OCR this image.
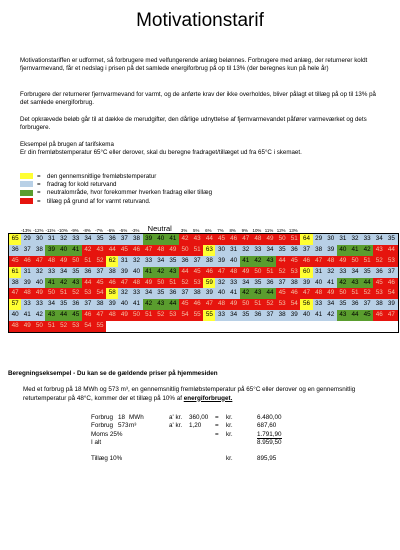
Motivationstarif
Motivationstariffen er udformet, så forbrugere med velfungerende anlæg belønnes. Forbrugere med anlæg, der returnerer koldt fjernvarmevand, får et nedslag i prisen på det samlede energiforbrug på op til 13% (der beregnes kun på hele år)
Forbrugere der returnerer fjernvarmevand for varmt, og de anførte krav der ikke overholdes, bliver pålagt et tillæg på op til 13% på det samlede energiforbrug.
Det opkrævede beløb går til at dække de merudgifter, den dårlige udnyttelse af fjernvarmevandet påfører varmeværket og dets forbrugere.
Eksempel på brugen af tarifskema
Er din fremløbstemperatur 65°C eller derover, skal du beregne fradraget/tillæget ud fra 65°C i skemaet.
=	den gennemsnitlige fremløbstemperatur
=	fradrag for kold returvand
=	neutralområde, hvor forekommer hverken fradrag eller tillæg
=	tillæg på grund af for varmt returvand.
-13% -12% -11% -10% -9% -8% -7% -6% -5% -3%	Neutral	3%	5%	6%	7%	8%	9%	10% 11% 12% 13%
65 29 30 31 32 33 34 35 36 37 38 39 40 41 42 43 44 45 46 47 48 49 50 51 64 29 30 31 32 33 34 35
36 37 38 39 40 41 42 43 44 45 46 47 48 49 50 51 63 30 31 32 33 34 35 36 37 38 39 40 41 42 43 44
45 46 47 48 49 50 51 52 62 31 32 33 34 35 36 37 38 39 40 41 42 43 44 45 46 47 48 49 50 51 52 53
61 31 32 33 34 35 36 37 38 39 40 41 42 43 44 45 46 47 48 49 50 51 52 53 60 31 32 33 34 35 36 37
38 39 40 41 42 43 44 45 46 47 48 49 50 51 52 53 59 32 33 34 35 36 37 38 39 40 41 42 43 44 45 46
47 48 49 50 51 52 53 54 58 32 33 34 35 36 37 38 39 40 41 42 43 44 45 46 47 48 49 50 51 52 53 54
57 33 33 34 35 36 37 38 39 40 41 42 43 44 45 46 47 48 49 50 51 52 53 54 56 33 34 35 36 37 38 39
40 41 42 43 44 45 46 47 48 49 50 51 52 53 54 55 55 33 34 35 36 37 38 39 40 41 42 43 44 45 46 47
48 49 50 51 52 53 54 55
Beregningseksempel - Du kan se de gældende priser på hjemmesiden
Med et forbrug på 18 MWh og 573 m³, en gennemsnitlig fremløbstemperatur på 65°C eller derover og en gennemsnitlig returtemperatur på 48°C, kommer der et tillæg på 10% af energiforbruget.
Forbrug 18 MWh	a' kr. 360,00 = kr.	6.480,00
Forbrug 573 m³	a' kr. 1,20 = kr.	687,60
Moms 25%	= kr.	1.791,90
I alt	8.959,50
Tillæg 10%	kr.	895,95
